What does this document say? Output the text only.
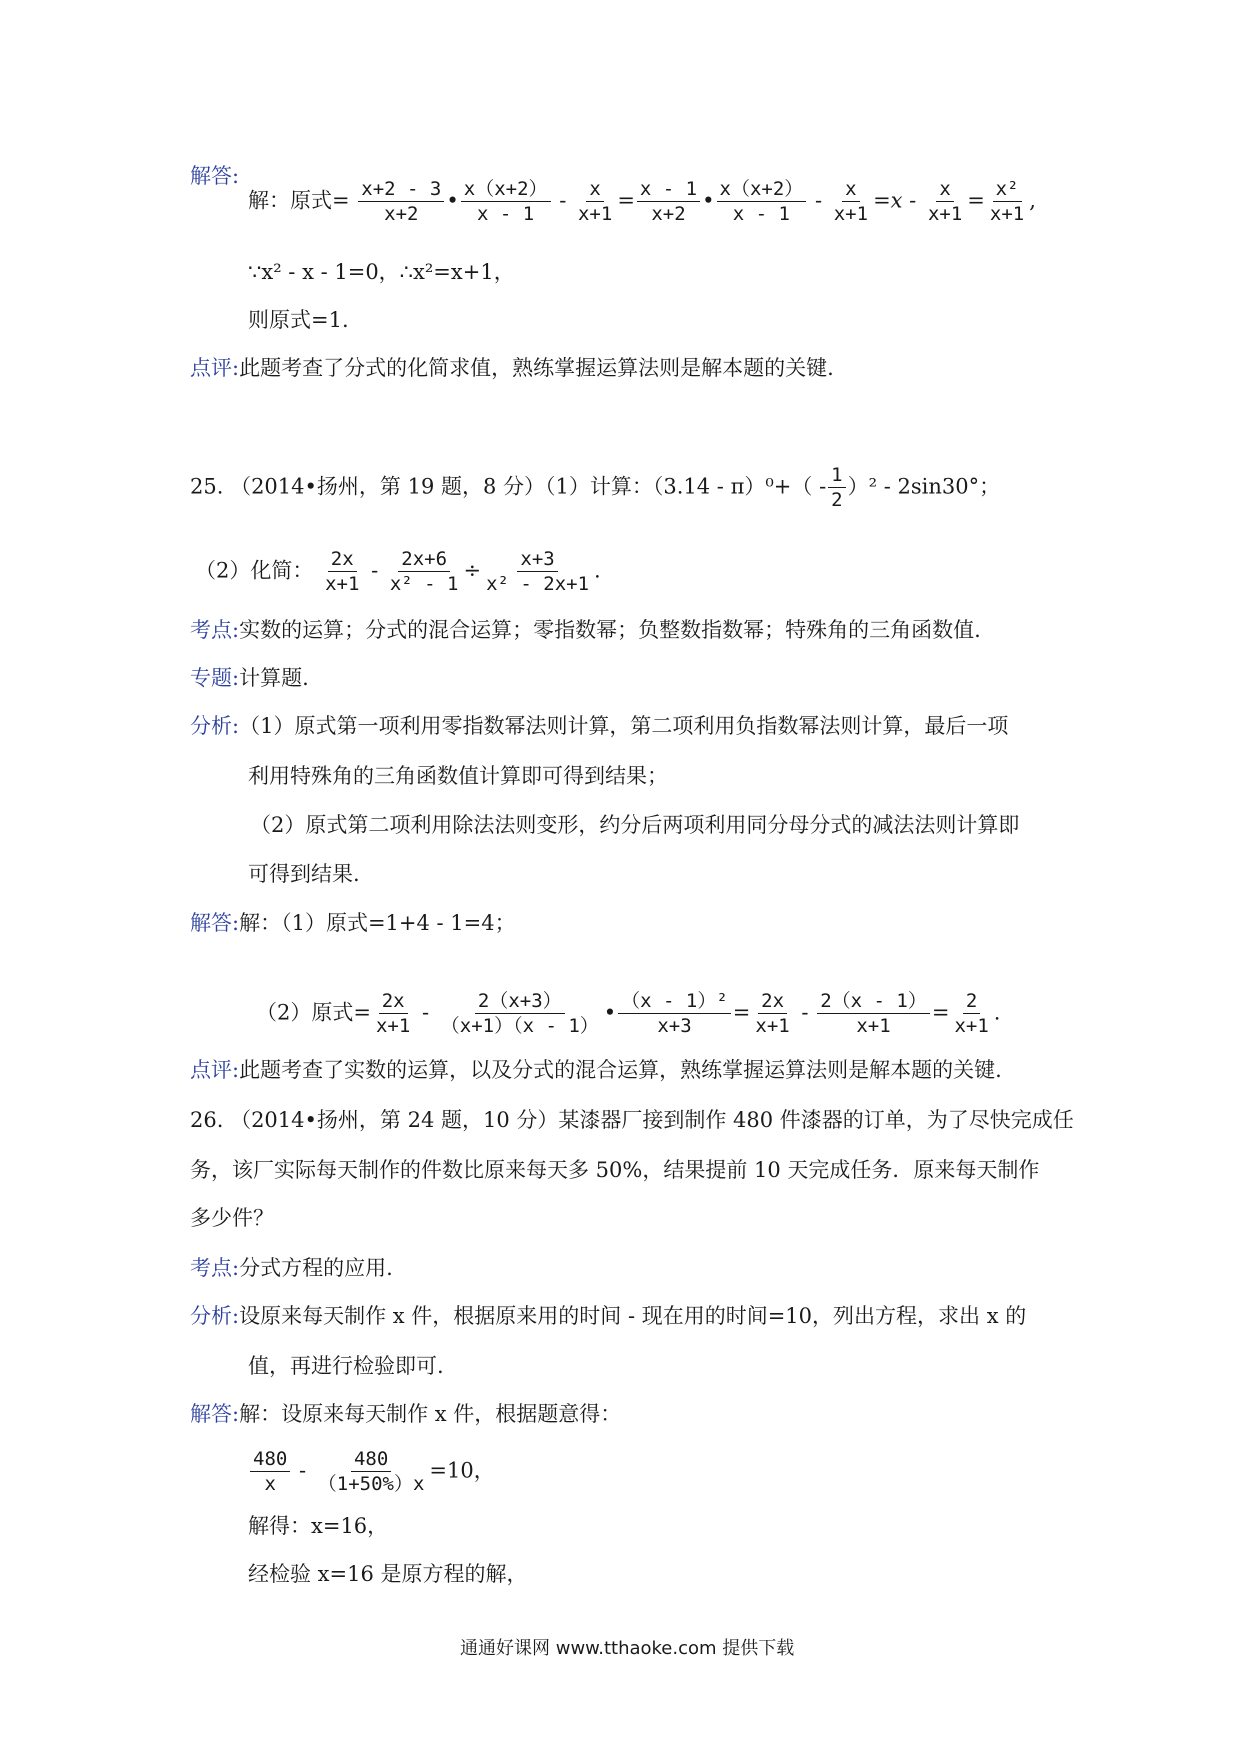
解答:
解：原式= $\frac{x+2 - 3}{x+2}$ • $\frac{x(x+2)}{x - 1} - \frac{x}{x+1} = \frac{x - 1}{x+2}$ • $\frac{x(x+2)}{x - 1} - \frac{x}{x+1} =x - \frac{x}{x+1} = \frac{\text{x²}}{x+1}$ ,
∵x² - x - 1=0，∴x²=x+1，
则原式=1.
点评:此题考查了分式的化简求值，熟练掌握运算法则是解本题的关键.
25. （2014•扬州，第 19 题，8 分）（1）计算：$(3.14 - \pi)^0+( - \frac{1}{2} )^2 - 2\sin 30^\circ$；
（2）化简： $\frac{2x}{x+1} - \frac{2x+6}{\text{x² - 1}} \div \frac{x+3}{\text{x² - 2x+1}}$ .
考点:实数的运算；分式的混合运算；零指数幂；负整数指数幂；特殊角的三角函数值.
专题:计算题.
分析:（1）原式第一项利用零指数幂法则计算，第二项利用负指数幂法则计算，最后一项
利用特殊角的三角函数值计算即可得到结果；
（2）原式第二项利用除法法则变形，约分后两项利用同分母分式的减法法则计算即
可得到结果.
解答:解：（1）原式=1+4 - 1=4；
（2）原式= $\frac{2x}{x+1} - \frac{2(x+3)}{(x+1)(x - 1)}$ • $\frac{\text{（x - 1）²}}{x+3} = \frac{2x}{x+1} - \frac{2(x - 1)}{x+1} = \frac{2}{x+1}$ .
点评:此题考查了实数的运算，以及分式的混合运算，熟练掌握运算法则是解本题的关键.
26. （2014•扬州，第 24 题，10 分）某漆器厂接到制作 480 件漆器的订单，为了尽快完成任
务，该厂实际每天制作的件数比原来每天多 50%，结果提前 10 天完成任务．原来每天制作
多少件？
考点:分式方程的应用.
分析:设原来每天制作 x 件，根据原来用的时间 - 现在用的时间=10，列出方程，求出 x 的
值，再进行检验即可.
解答:解：设原来每天制作 x 件，根据题意得：
$\frac{480}{x} - \frac{480}{(1+50\%)x} =10$，
解得：x=16，
经检验 x=16 是原方程的解，
通通好课网 www.tthaoke.com 提供下载
